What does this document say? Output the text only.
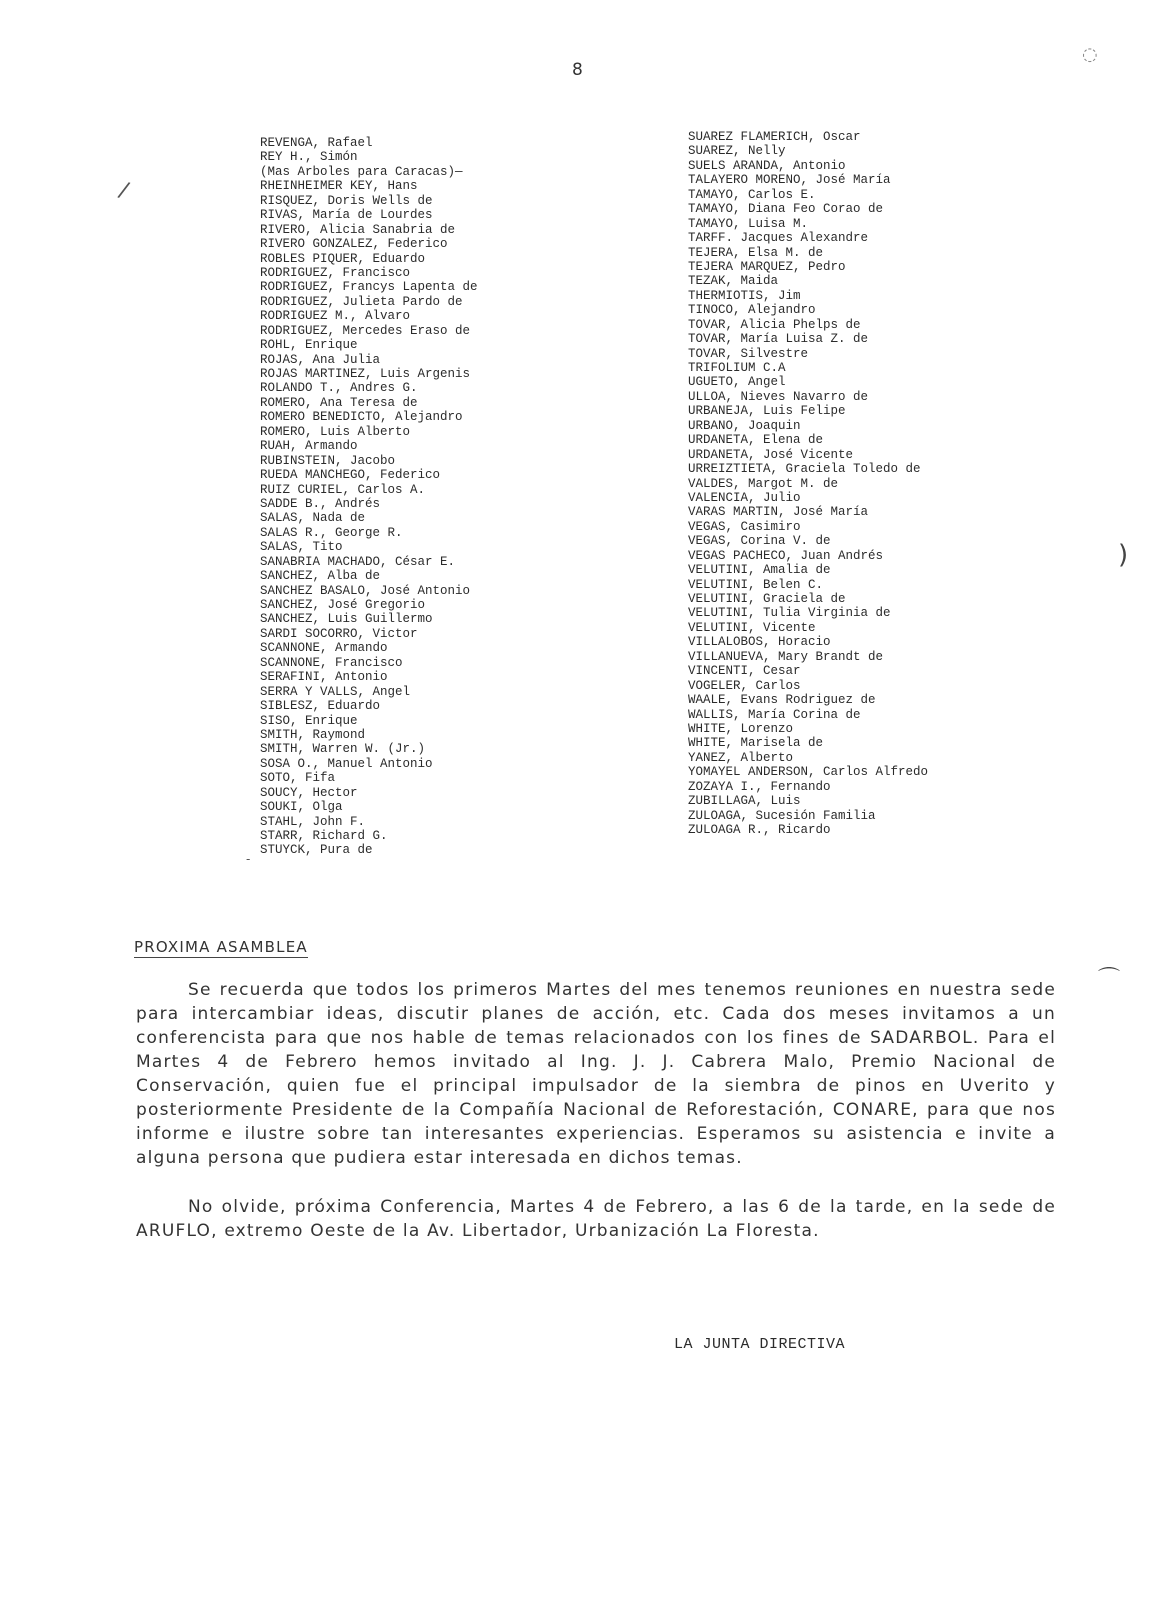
8
REVENGA, Rafael
REY H., Simón
(Mas Arboles para Caracas)—
RHEINHEIMER KEY, Hans
RISQUEZ, Doris Wells de
RIVAS, María de Lourdes
RIVERO, Alicia Sanabria de
RIVERO GONZALEZ, Federico
ROBLES PIQUER, Eduardo
RODRIGUEZ, Francisco
RODRIGUEZ, Francys Lapenta de
RODRIGUEZ, Julieta Pardo de
RODRIGUEZ M., Alvaro
RODRIGUEZ, Mercedes Eraso de
ROHL, Enrique
ROJAS, Ana Julia
ROJAS MARTINEZ, Luis Argenis
ROLANDO T., Andres G.
ROMERO, Ana Teresa de
ROMERO BENEDICTO, Alejandro
ROMERO, Luis Alberto
RUAH, Armando
RUBINSTEIN, Jacobo
RUEDA MANCHEGO, Federico
RUIZ CURIEL, Carlos A.
SADDE B., Andrés
SALAS, Nada de
SALAS R., George R.
SALAS, Tito
SANABRIA MACHADO, César E.
SANCHEZ, Alba de
SANCHEZ BASALO, José Antonio
SANCHEZ, José Gregorio
SANCHEZ, Luis Guillermo
SARDI SOCORRO, Victor
SCANNONE, Armando
SCANNONE, Francisco
SERAFINI, Antonio
SERRA Y VALLS, Angel
SIBLESZ, Eduardo
SISO, Enrique
SMITH, Raymond
SMITH, Warren W. (Jr.)
SOSA O., Manuel Antonio
SOTO, Fifa
SOUCY, Hector
SOUKI, Olga
STAHL, John F.
STARR, Richard G.
STUYCK, Pura de
SUAREZ FLAMERICH, Oscar
SUAREZ, Nelly
SUELS ARANDA, Antonio
TALAYERO MORENO, José María
TAMAYO, Carlos E.
TAMAYO, Diana Feo Corao de
TAMAYO, Luisa M.
TARFF. Jacques Alexandre
TEJERA, Elsa M. de
TEJERA MARQUEZ, Pedro
TEZAK, Maida
THERMIOTIS, Jim
TINOCO, Alejandro
TOVAR, Alicia Phelps de
TOVAR, María Luisa Z. de
TOVAR, Silvestre
TRIFOLIUM C.A
UGUETO, Angel
ULLOA, Nieves Navarro de
URBANEJA, Luis Felipe
URBANO, Joaquin
URDANETA, Elena de
URDANETA, José Vicente
URREIZTIETA, Graciela Toledo de
VALDES, Margot M. de
VALENCIA, Julio
VARAS MARTIN, José María
VEGAS, Casimiro
VEGAS, Corina V. de
VEGAS PACHECO, Juan Andrés
VELUTINI, Amalia de
VELUTINI, Belen C.
VELUTINI, Graciela de
VELUTINI, Tulia Virginia de
VELUTINI, Vicente
VILLALOBOS, Horacio
VILLANUEVA, Mary Brandt de
VINCENTI, Cesar
VOGELER, Carlos
WAALE, Evans Rodriguez de
WALLIS, María Corina de
WHITE, Lorenzo
WHITE, Marisela de
YANEZ, Alberto
YOMAYEL ANDERSON, Carlos Alfredo
ZOZAYA I., Fernando
ZUBILLAGA, Luis
ZULOAGA, Sucesión Familia
ZULOAGA R., Ricardo
PROXIMA ASAMBLEA

Se recuerda que todos los primeros Martes del mes tenemos reuniones en nuestra sede para intercambiar ideas, discutir planes de acción, etc. Cada dos meses invitamos a un conferencista para que nos hable de temas relacionados con los fines de SADARBOL. Para el Martes 4 de Febrero hemos invitado al Ing. J. J. Cabrera Malo, Premio Nacional de Conservación, quien fue el principal impulsador de la siembra de pinos en Uverito y posteriormente Presidente de la Compañía Nacional de Reforestación, CONARE, para que nos informe e ilustre sobre tan interesantes experiencias. Esperamos su asistencia e invite a alguna persona que pudiera estar interesada en dichos temas.

No olvide, próxima Conferencia, Martes 4 de Febrero, a las 6 de la tarde, en la sede de ARUFLO, extremo Oeste de la Av. Libertador, Urbanización La Floresta.

LA JUNTA DIRECTIVA
/
)
⌒
◌
-
